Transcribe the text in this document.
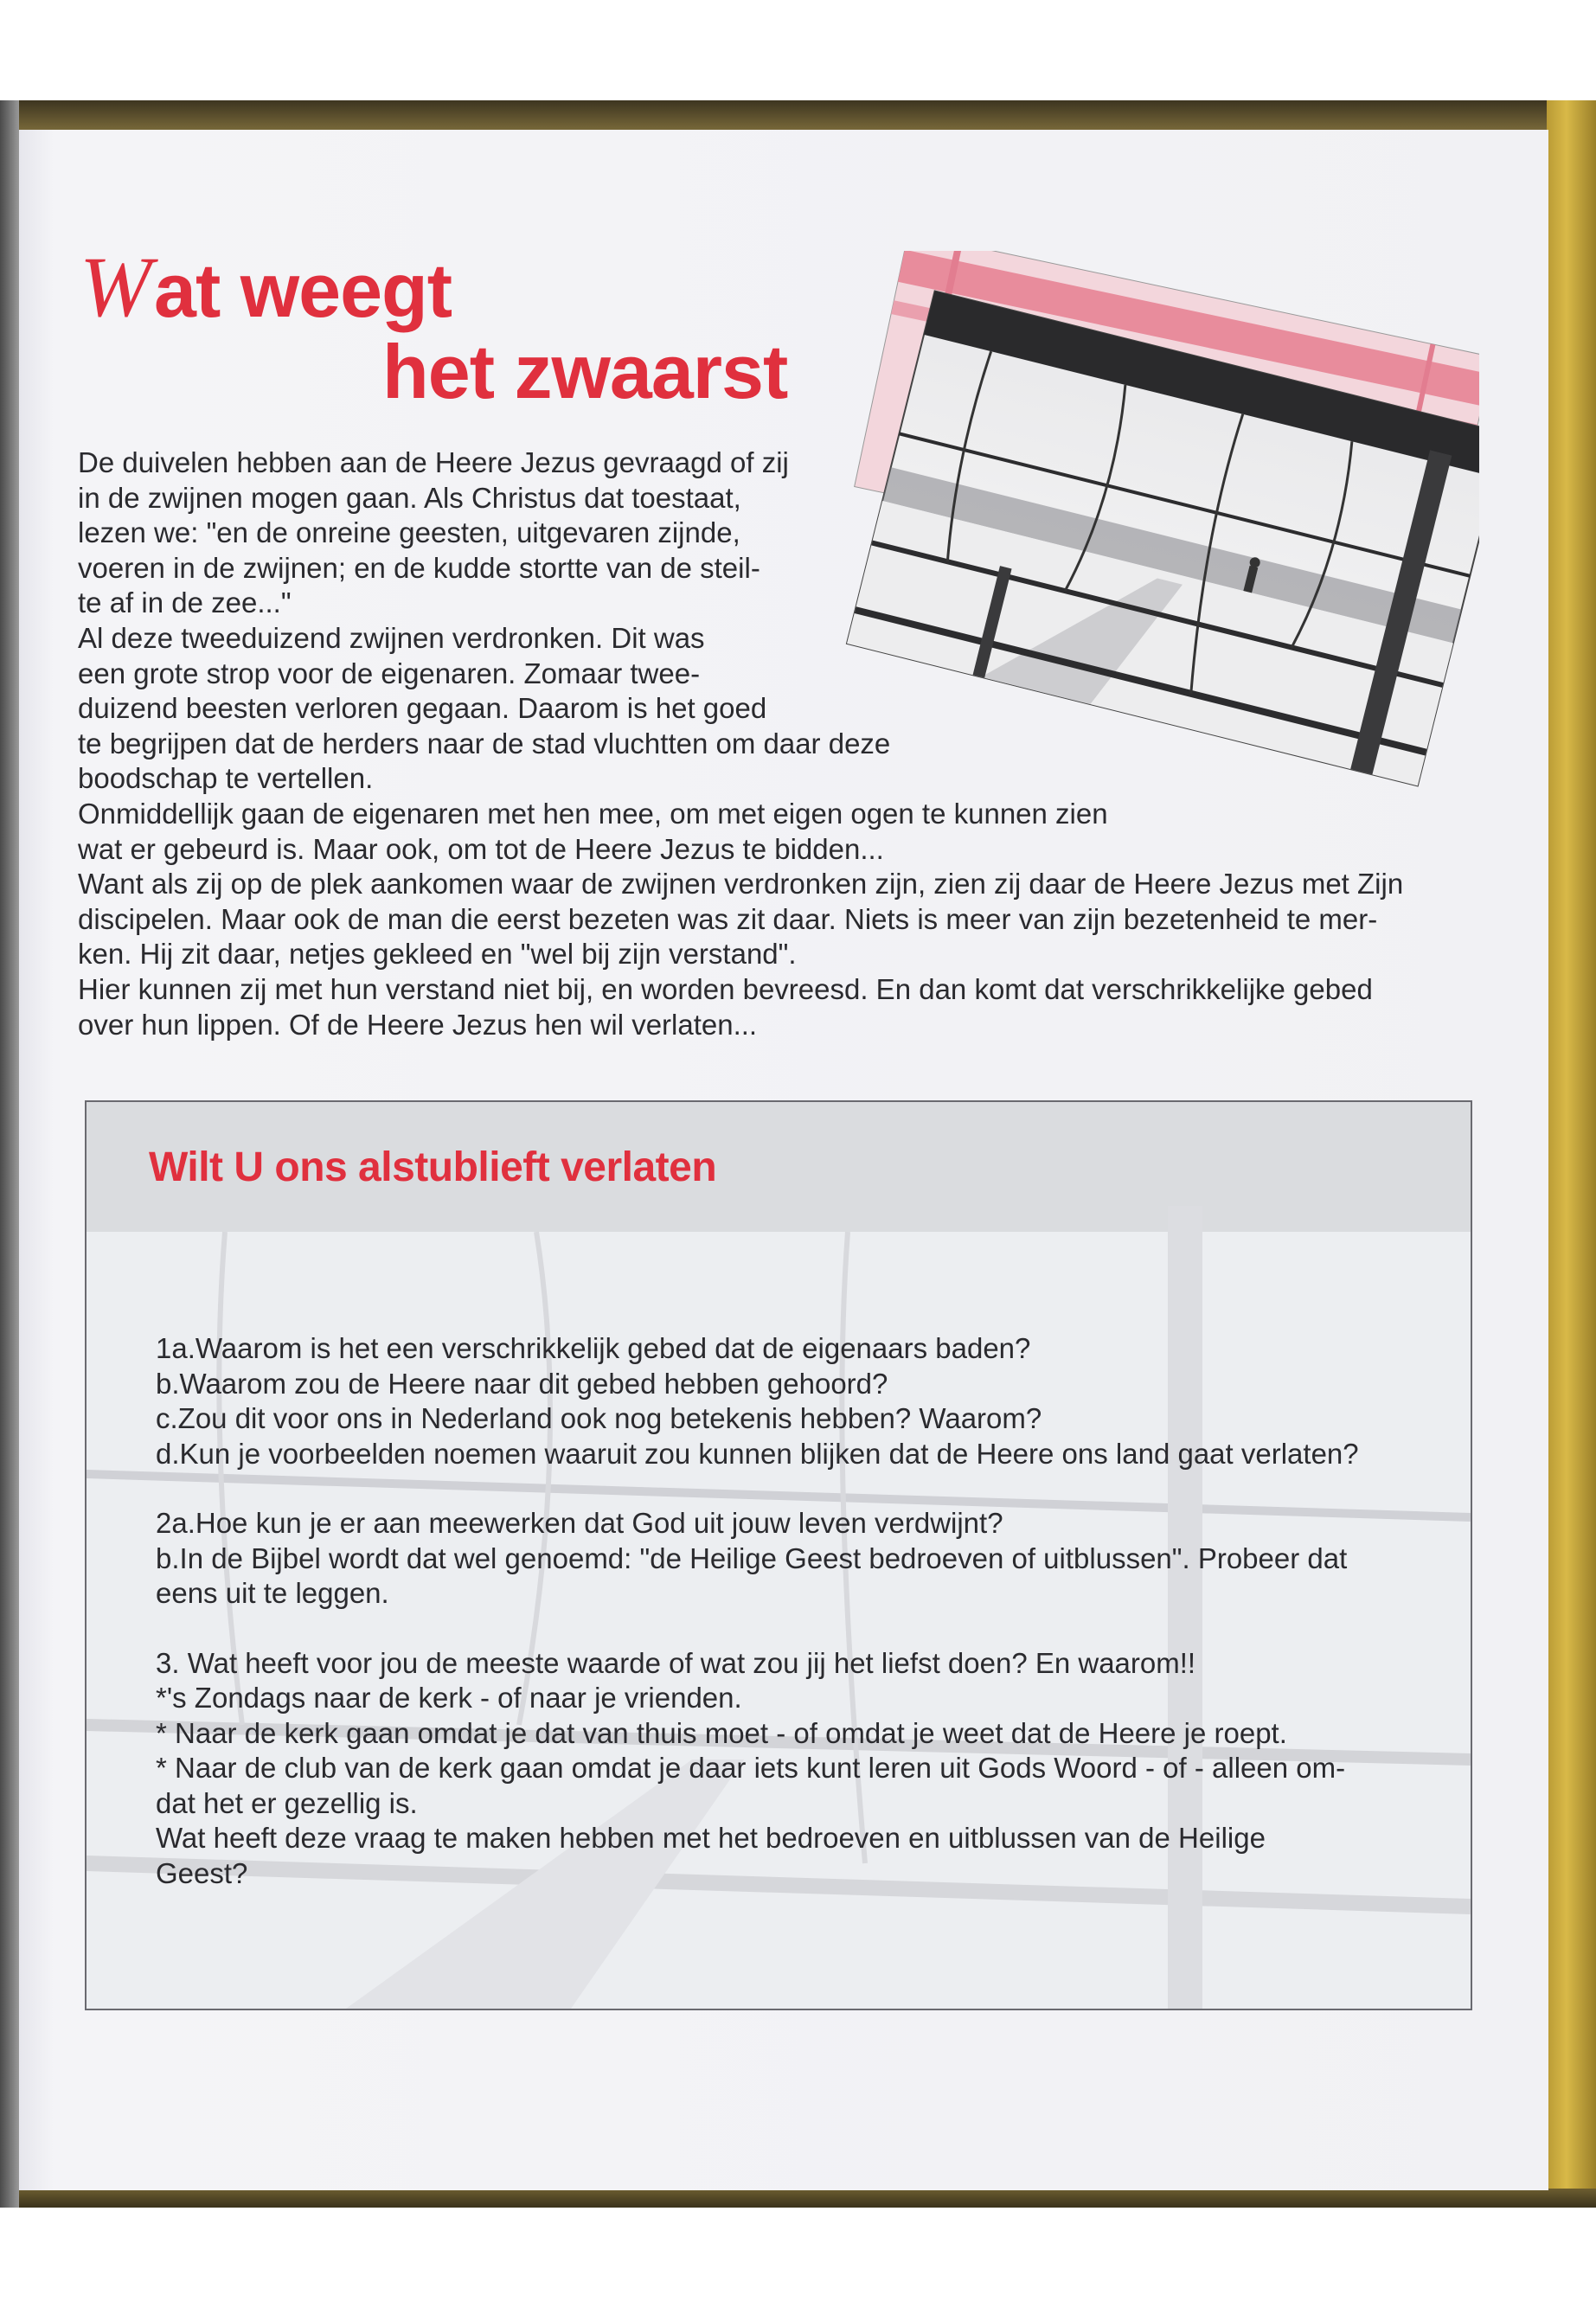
W at weegt
het zwaarst
De duivelen hebben aan de Heere Jezus gevraagd of zij
in de zwijnen mogen gaan. Als Christus dat toestaat,
lezen we: "en de onreine geesten, uitgevaren zijnde,
voeren in de zwijnen; en de kudde stortte van de steil-
te af in de zee..."
Al deze tweeduizend zwijnen verdronken. Dit was
een grote strop voor de eigenaren. Zomaar twee-
duizend beesten verloren gegaan. Daarom is het goed
te begrijpen dat de herders naar de stad vluchtten om daar deze
boodschap te vertellen.
Onmiddellijk gaan de eigenaren met hen mee, om met eigen ogen te kunnen zien
wat er gebeurd is. Maar ook, om tot de Heere Jezus te bidden...
Want als zij op de plek aankomen waar de zwijnen verdronken zijn, zien zij daar de Heere Jezus met Zijn
discipelen. Maar ook de man die eerst bezeten was zit daar. Niets is meer van zijn bezetenheid te mer-
ken. Hij zit daar, netjes gekleed en "wel bij zijn verstand".
Hier kunnen zij met hun verstand niet bij, en worden bevreesd. En dan komt dat verschrikkelijke gebed
over hun lippen. Of de Heere Jezus hen wil verlaten...
Wilt U ons alstublieft verlaten
1a.Waarom is het een verschrikkelijk gebed dat de eigenaars baden?
b.Waarom zou de Heere naar dit gebed hebben gehoord?
c.Zou dit voor ons in Nederland ook nog betekenis hebben? Waarom?
d.Kun je voorbeelden noemen waaruit zou kunnen blijken dat de Heere ons land gaat verlaten?
2a.Hoe kun je er aan meewerken dat God uit jouw leven verdwijnt?
b.In de Bijbel wordt dat wel genoemd: "de Heilige Geest bedroeven of uitblussen". Probeer dat
eens uit te leggen.
3. Wat heeft voor jou de meeste waarde of wat zou jij het liefst doen? En waarom!!
*'s Zondags naar de kerk - of naar je vrienden.
* Naar de kerk gaan omdat je dat van thuis moet - of omdat je weet dat de Heere je roept.
* Naar de club van de kerk gaan omdat je daar iets kunt leren uit Gods Woord - of - alleen om-
dat het er gezellig is.
Wat heeft deze vraag te maken hebben met het bedroeven en uitblussen van de Heilige
Geest?
